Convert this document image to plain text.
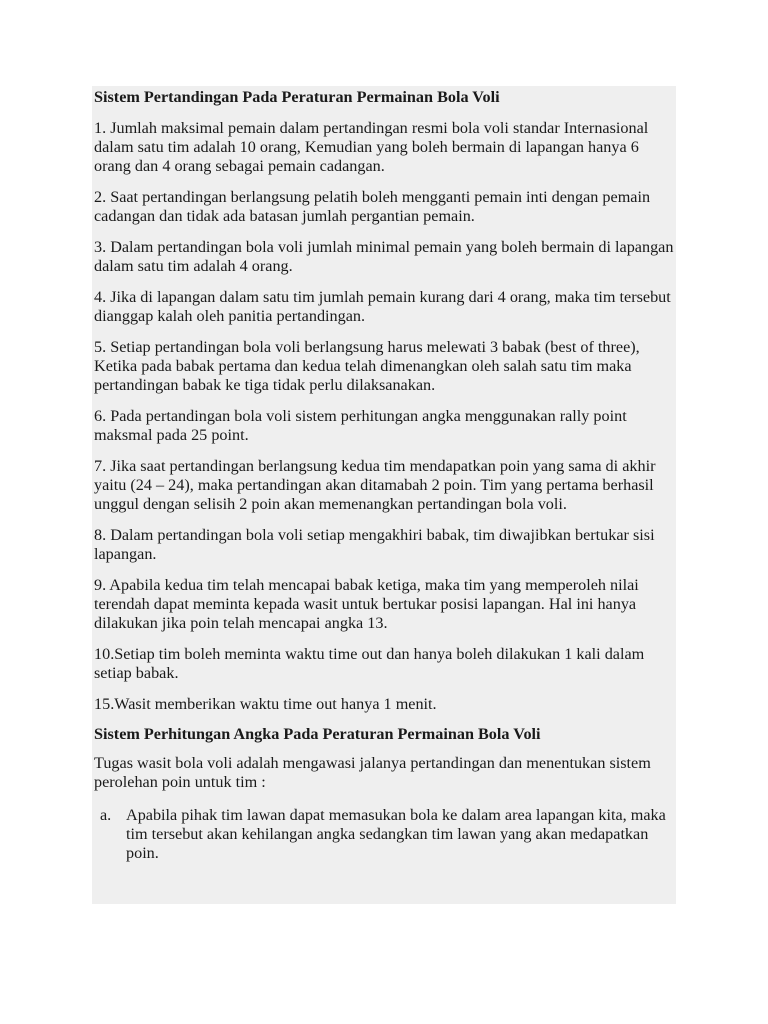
Sistem Pertandingan Pada Peraturan Permainan Bola Voli
1. Jumlah maksimal pemain dalam pertandingan resmi bola voli standar Internasional dalam satu tim adalah 10 orang, Kemudian yang boleh bermain di lapangan hanya 6 orang dan 4 orang sebagai pemain cadangan.
2. Saat pertandingan berlangsung pelatih boleh mengganti pemain inti dengan pemain cadangan dan tidak ada batasan jumlah pergantian pemain.
3. Dalam pertandingan bola voli jumlah minimal pemain yang boleh bermain di lapangan dalam satu tim adalah 4 orang.
4. Jika di lapangan dalam satu tim jumlah pemain kurang dari 4 orang, maka tim tersebut dianggap kalah oleh panitia pertandingan.
5. Setiap pertandingan bola voli berlangsung harus melewati 3 babak (best of three), Ketika pada babak pertama dan kedua telah dimenangkan oleh salah satu tim maka pertandingan babak ke tiga tidak perlu dilaksanakan.
6. Pada pertandingan bola voli sistem perhitungan angka menggunakan rally point maksmal pada 25 point.
7. Jika saat pertandingan berlangsung kedua tim mendapatkan poin yang sama di akhir yaitu (24 – 24), maka pertandingan akan ditamabah 2 poin. Tim yang pertama berhasil unggul dengan selisih 2 poin akan memenangkan pertandingan bola voli.
8. Dalam pertandingan bola voli setiap mengakhiri babak, tim diwajibkan bertukar sisi lapangan.
9. Apabila kedua tim telah mencapai babak ketiga, maka tim yang memperoleh nilai terendah dapat meminta kepada wasit untuk bertukar posisi lapangan. Hal ini hanya dilakukan jika poin telah mencapai angka 13.
10.Setiap tim boleh meminta waktu time out dan hanya boleh dilakukan 1 kali dalam setiap babak.
15.Wasit memberikan waktu time out hanya 1 menit.
Sistem Perhitungan Angka Pada Peraturan Permainan Bola Voli
Tugas wasit bola voli adalah mengawasi jalanya pertandingan dan menentukan sistem perolehan poin untuk tim :
a. Apabila pihak tim lawan dapat memasukan bola ke dalam area lapangan kita, maka tim tersebut akan kehilangan angka sedangkan tim lawan yang akan medapatkan poin.
